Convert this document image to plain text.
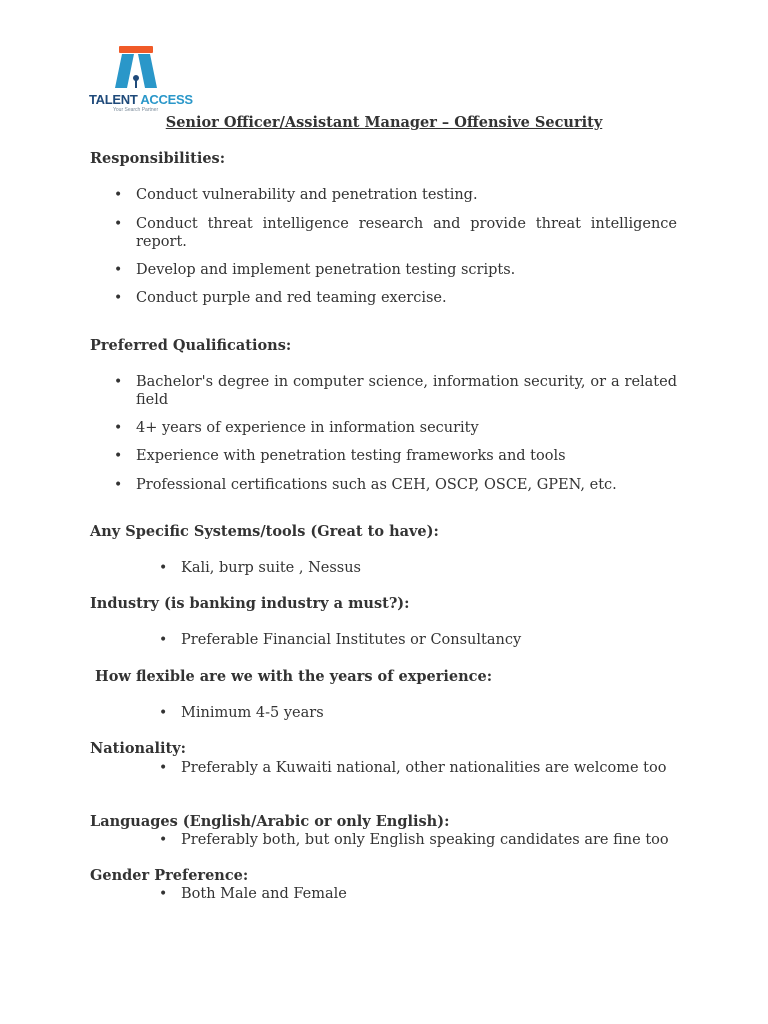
TALENT ACCESS
Your Search Partner
Senior Officer/Assistant Manager – Offensive Security
Responsibilities:
• Conduct vulnerability and penetration testing.
• Conduct threat intelligence research and provide threat intelligence report.
• Develop and implement penetration testing scripts.
• Conduct purple and red teaming exercise.
Preferred Qualifications:
• Bachelor's degree in computer science, information security, or a related field
• 4+ years of experience in information security
• Experience with penetration testing frameworks and tools
• Professional certifications such as CEH, OSCP, OSCE, GPEN, etc.
Any Specific Systems/tools (Great to have):
• Kali, burp suite , Nessus
Industry (is banking industry a must?):
• Preferable Financial Institutes or Consultancy
How flexible are we with the years of experience:
• Minimum 4-5 years
Nationality:
• Preferably a Kuwaiti national, other nationalities are welcome too
Languages (English/Arabic or only English):
• Preferably both, but only English speaking candidates are fine too
Gender Preference:
• Both Male and Female
